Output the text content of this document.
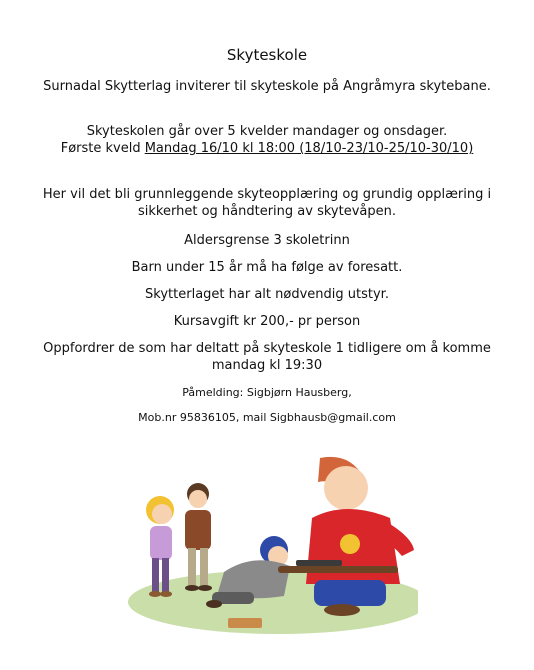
Skyteskole
Surnadal Skytterlag inviterer til skyteskole på Angråmyra skytebane.
Skyteskolen går over 5 kvelder mandager og onsdager.
Første kveld Mandag 16/10 kl 18:00 (18/10-23/10-25/10-30/10)
Her vil det bli grunnleggende skyteopplæring og grundig opplæring i sikkerhet og håndtering av skytevåpen.
Aldersgrense 3 skoletrinn
Barn under 15 år må ha følge av foresatt.
Skytterlaget har alt nødvendig utstyr.
Kursavgift kr 200,- pr person
Oppfordrer de som har deltatt på skyteskole 1 tidligere om å komme mandag kl 19:30
Påmelding: Sigbjørn Hausberg,
Mob.nr 95836105, mail Sigbhausb@gmail.com
